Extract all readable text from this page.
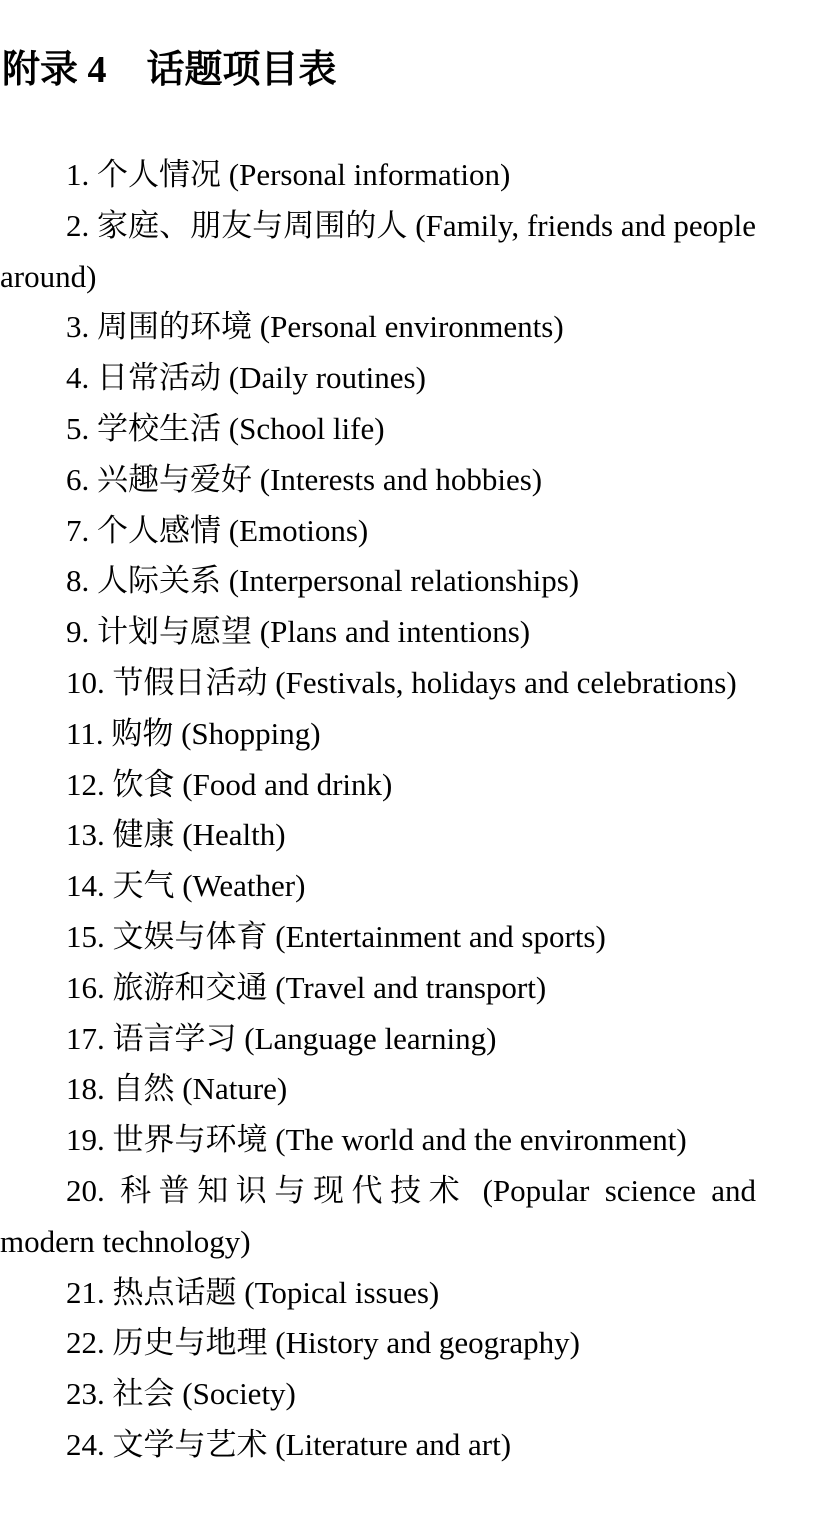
附录 4 话题项目表
1. 个人情况 (Personal information)
2. 家庭、朋友与周围的人 (Family, friends and people around)
3. 周围的环境 (Personal environments)
4. 日常活动 (Daily routines)
5. 学校生活 (School life)
6. 兴趣与爱好 (Interests and hobbies)
7. 个人感情 (Emotions)
8. 人际关系 (Interpersonal relationships)
9. 计划与愿望 (Plans and intentions)
10. 节假日活动 (Festivals, holidays and celebrations)
11. 购物 (Shopping)
12. 饮食 (Food and drink)
13. 健康 (Health)
14. 天气 (Weather)
15. 文娱与体育 (Entertainment and sports)
16. 旅游和交通 (Travel and transport)
17. 语言学习 (Language learning)
18. 自然 (Nature)
19. 世界与环境 (The world and the environment)
20. 科普知识与现代技术 (Popular science and modern technology)
21. 热点话题 (Topical issues)
22. 历史与地理 (History and geography)
23. 社会 (Society)
24. 文学与艺术 (Literature and art)
